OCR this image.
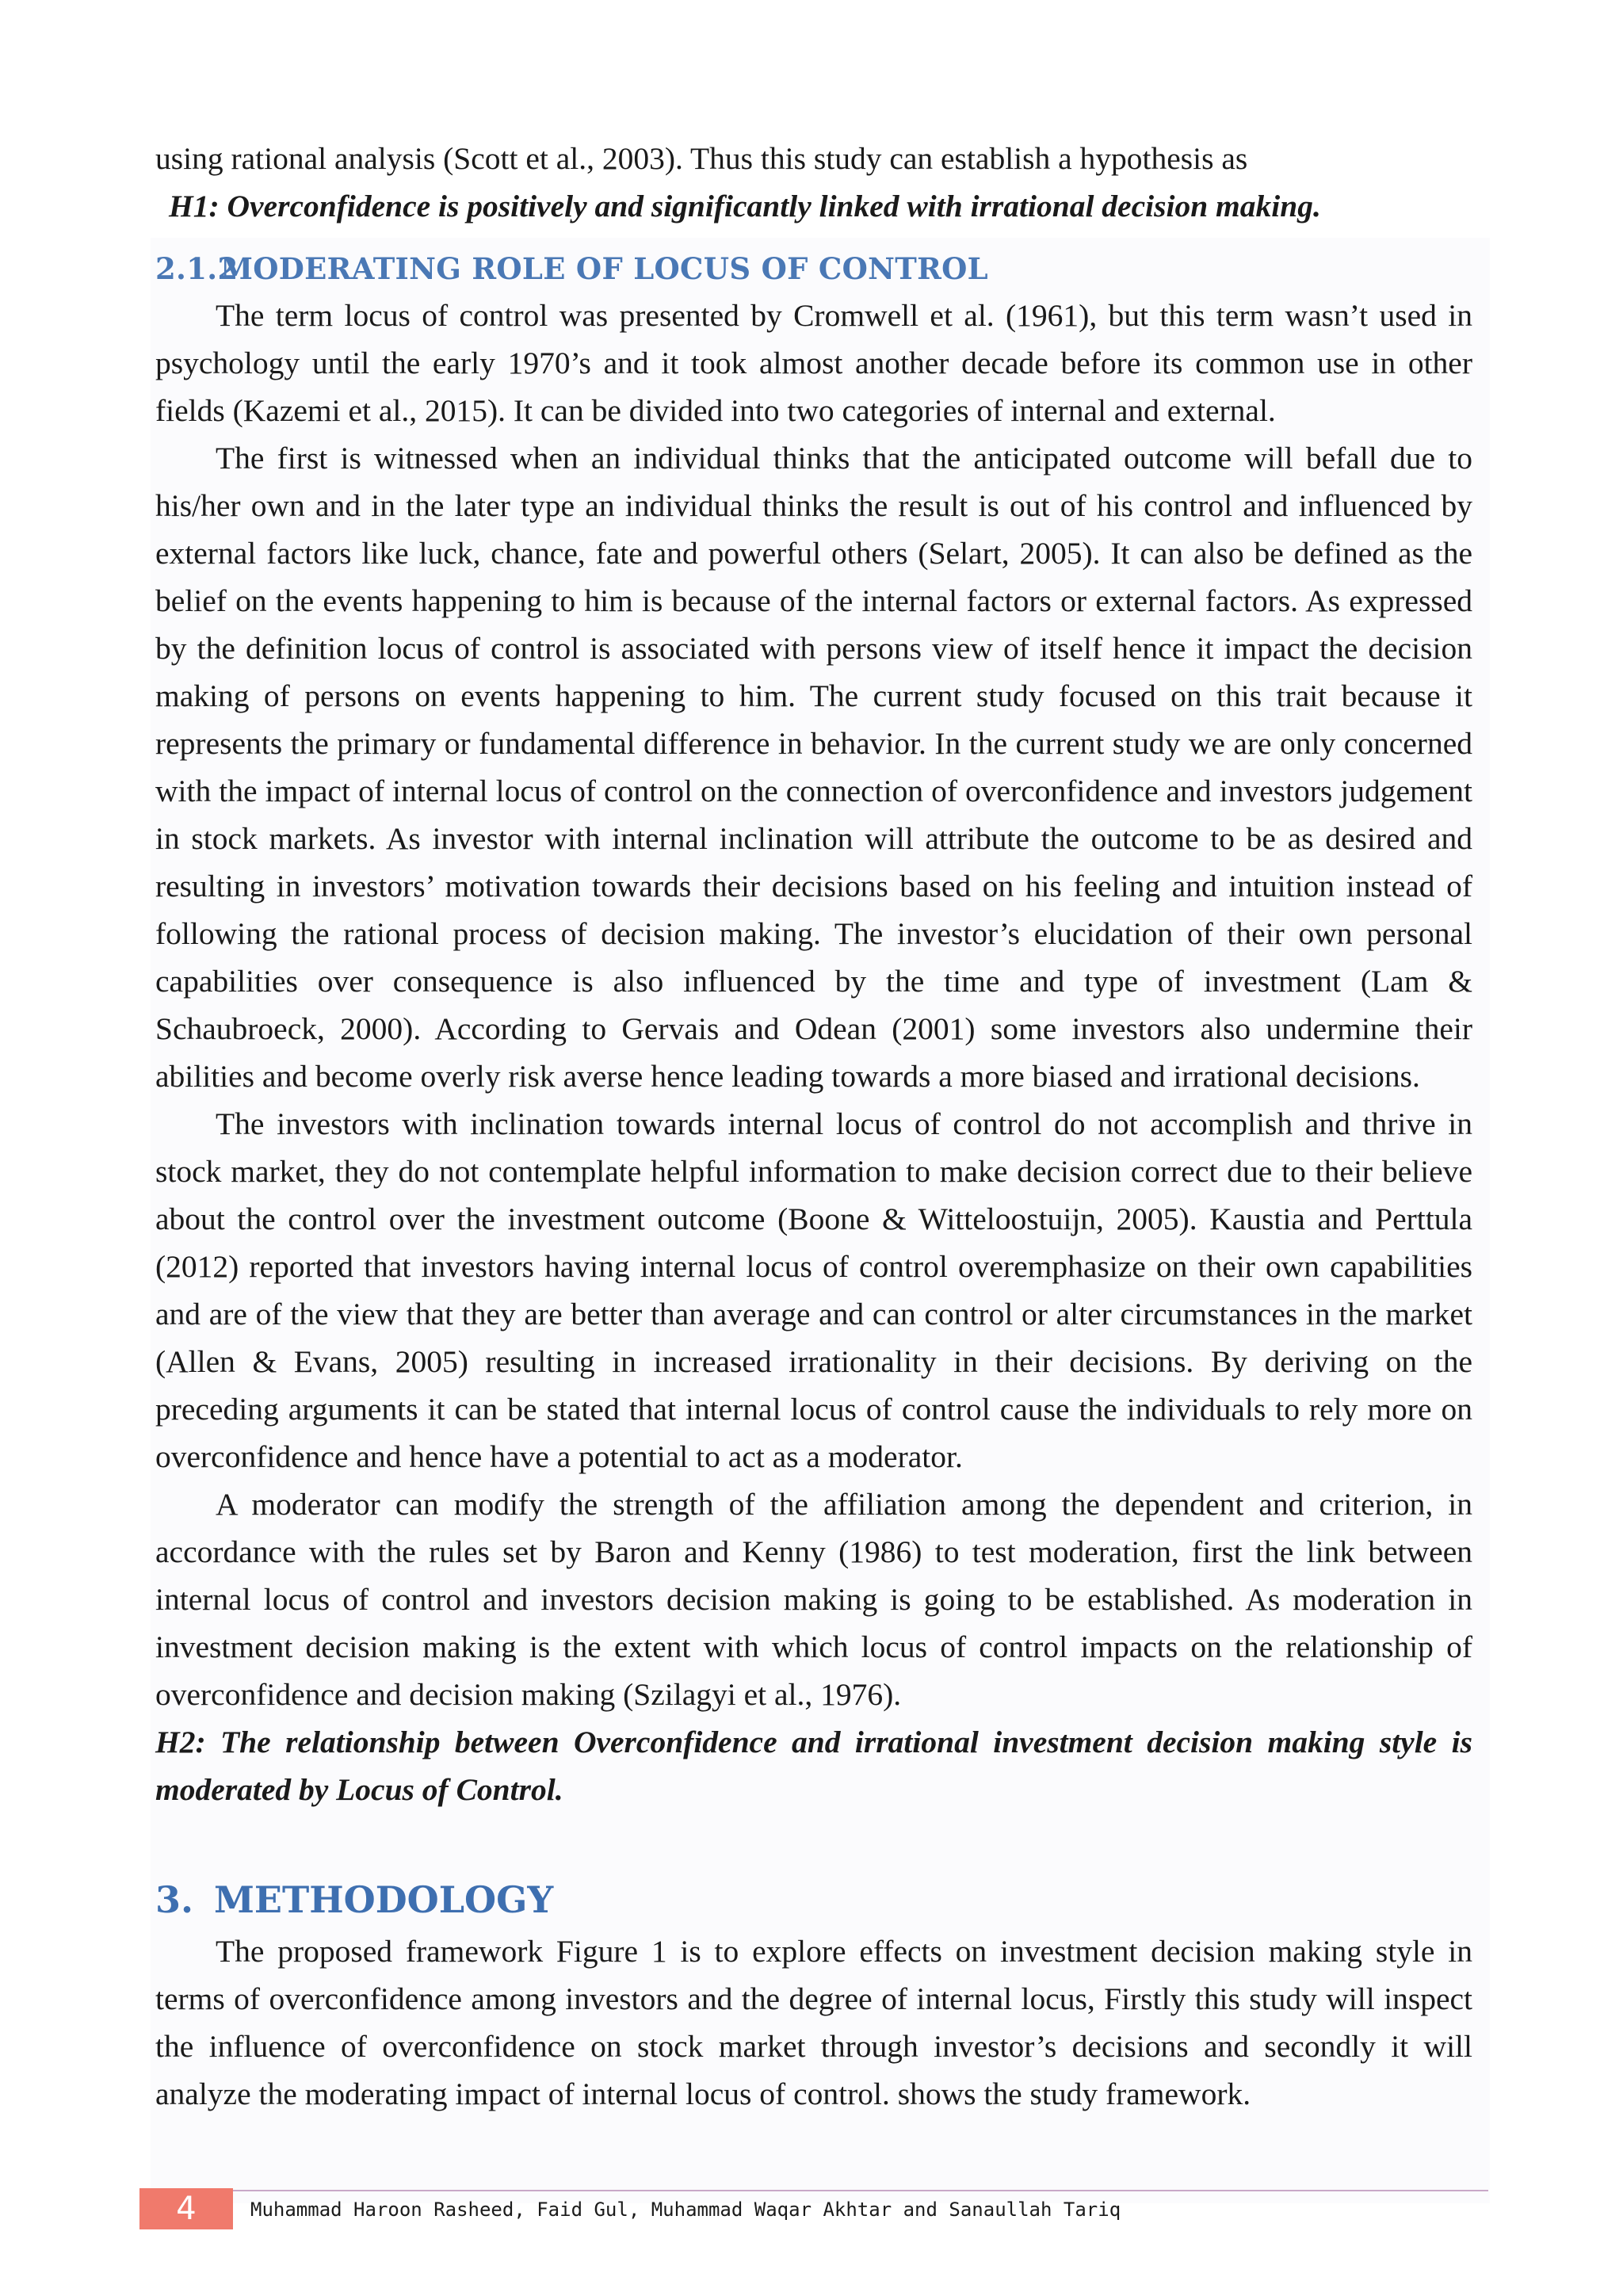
using rational analysis (Scott et al., 2003). Thus this study can establish a hypothesis as

H1: Overconfidence is positively and significantly linked with irrational decision making.

2.1.2MODERATING ROLE OF LOCUS OF CONTROL

The term locus of control was presented by Cromwell et al. (1961), but this term wasn’t used in psychology until the early 1970’s and it took almost another decade before its common use in other fields (Kazemi et al., 2015). It can be divided into two categories of internal and external.

The first is witnessed when an individual thinks that the anticipated outcome will befall due to his/her own and in the later type an individual thinks the result is out of his control and influenced by external factors like luck, chance, fate and powerful others (Selart, 2005). It can also be defined as the belief on the events happening to him is because of the internal factors or external factors. As expressed by the definition locus of control is associated with persons view of itself hence it impact the decision making of persons on events happening to him. The current study focused on this trait because it represents the primary or fundamental difference in behavior. In the current study we are only concerned with the impact of internal locus of control on the connection of overconfidence and investors judgement in stock markets. As investor with internal inclination will attribute the outcome to be as desired and resulting in investors’ motivation towards their decisions based on his feeling and intuition instead of following the rational process of decision making. The investor’s elucidation of their own personal capabilities over consequence is also influenced by the time and type of investment (Lam & Schaubroeck, 2000). According to Gervais and Odean (2001) some investors also undermine their abilities and become overly risk averse hence leading towards a more biased and irrational decisions.

The investors with inclination towards internal locus of control do not accomplish and thrive in stock market, they do not contemplate helpful information to make decision correct due to their believe about the control over the investment outcome (Boone & Witteloostuijn, 2005). Kaustia and Perttula (2012) reported that investors having internal locus of control overemphasize on their own capabilities and are of the view that they are better than average and can control or alter circumstances in the market (Allen & Evans, 2005) resulting in increased irrationality in their decisions. By deriving on the preceding arguments it can be stated that internal locus of control cause the individuals to rely more on overconfidence and hence have a potential to act as a moderator.

A moderator can modify the strength of the affiliation among the dependent and criterion, in accordance with the rules set by Baron and Kenny (1986) to test moderation, first the link between internal locus of control and investors decision making is going to be established. As moderation in investment decision making is the extent with which locus of control impacts on the relationship of overconfidence and decision making (Szilagyi et al., 1976).

H2: The relationship between Overconfidence and irrational investment decision making style is moderated by Locus of Control.

3. METHODOLOGY

The proposed framework Figure 1 is to explore effects on investment decision making style in terms of overconfidence among investors and the degree of internal locus, Firstly this study will inspect the influence of overconfidence on stock market through investor’s decisions and secondly it will analyze the moderating impact of internal locus of control. shows the study framework.

4	Muhammad Haroon Rasheed, Faid Gul, Muhammad Waqar Akhtar and Sanaullah Tariq
